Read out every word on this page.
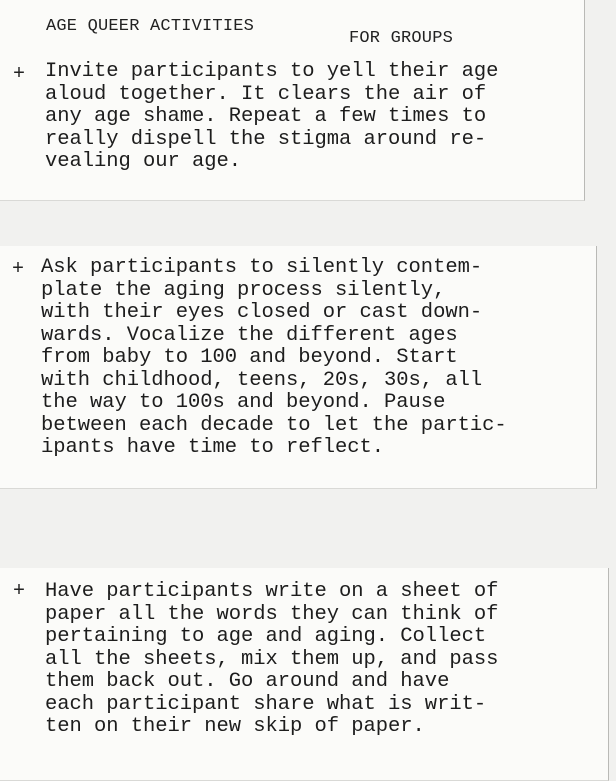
AGE QUEER ACTIVITIES
FOR GROUPS
+ Invite participants to yell their age
aloud together. It clears the air of
any age shame. Repeat a few times to
really dispell the stigma around re-
vealing our age.

+ Ask participants to silently contem-
plate the aging process silently,
with their eyes closed or cast down-
wards. Vocalize the different ages
from baby to 100 and beyond. Start
with childhood, teens, 20s, 30s, all
the way to 100s and beyond. Pause
between each decade to let the partic-
ipants have time to reflect.

+ Have participants write on a sheet of
paper all the words they can think of
pertaining to age and aging. Collect
all the sheets, mix them up, and pass
them back out. Go around and have
each participant share what is writ-
ten on their new skip of paper.
